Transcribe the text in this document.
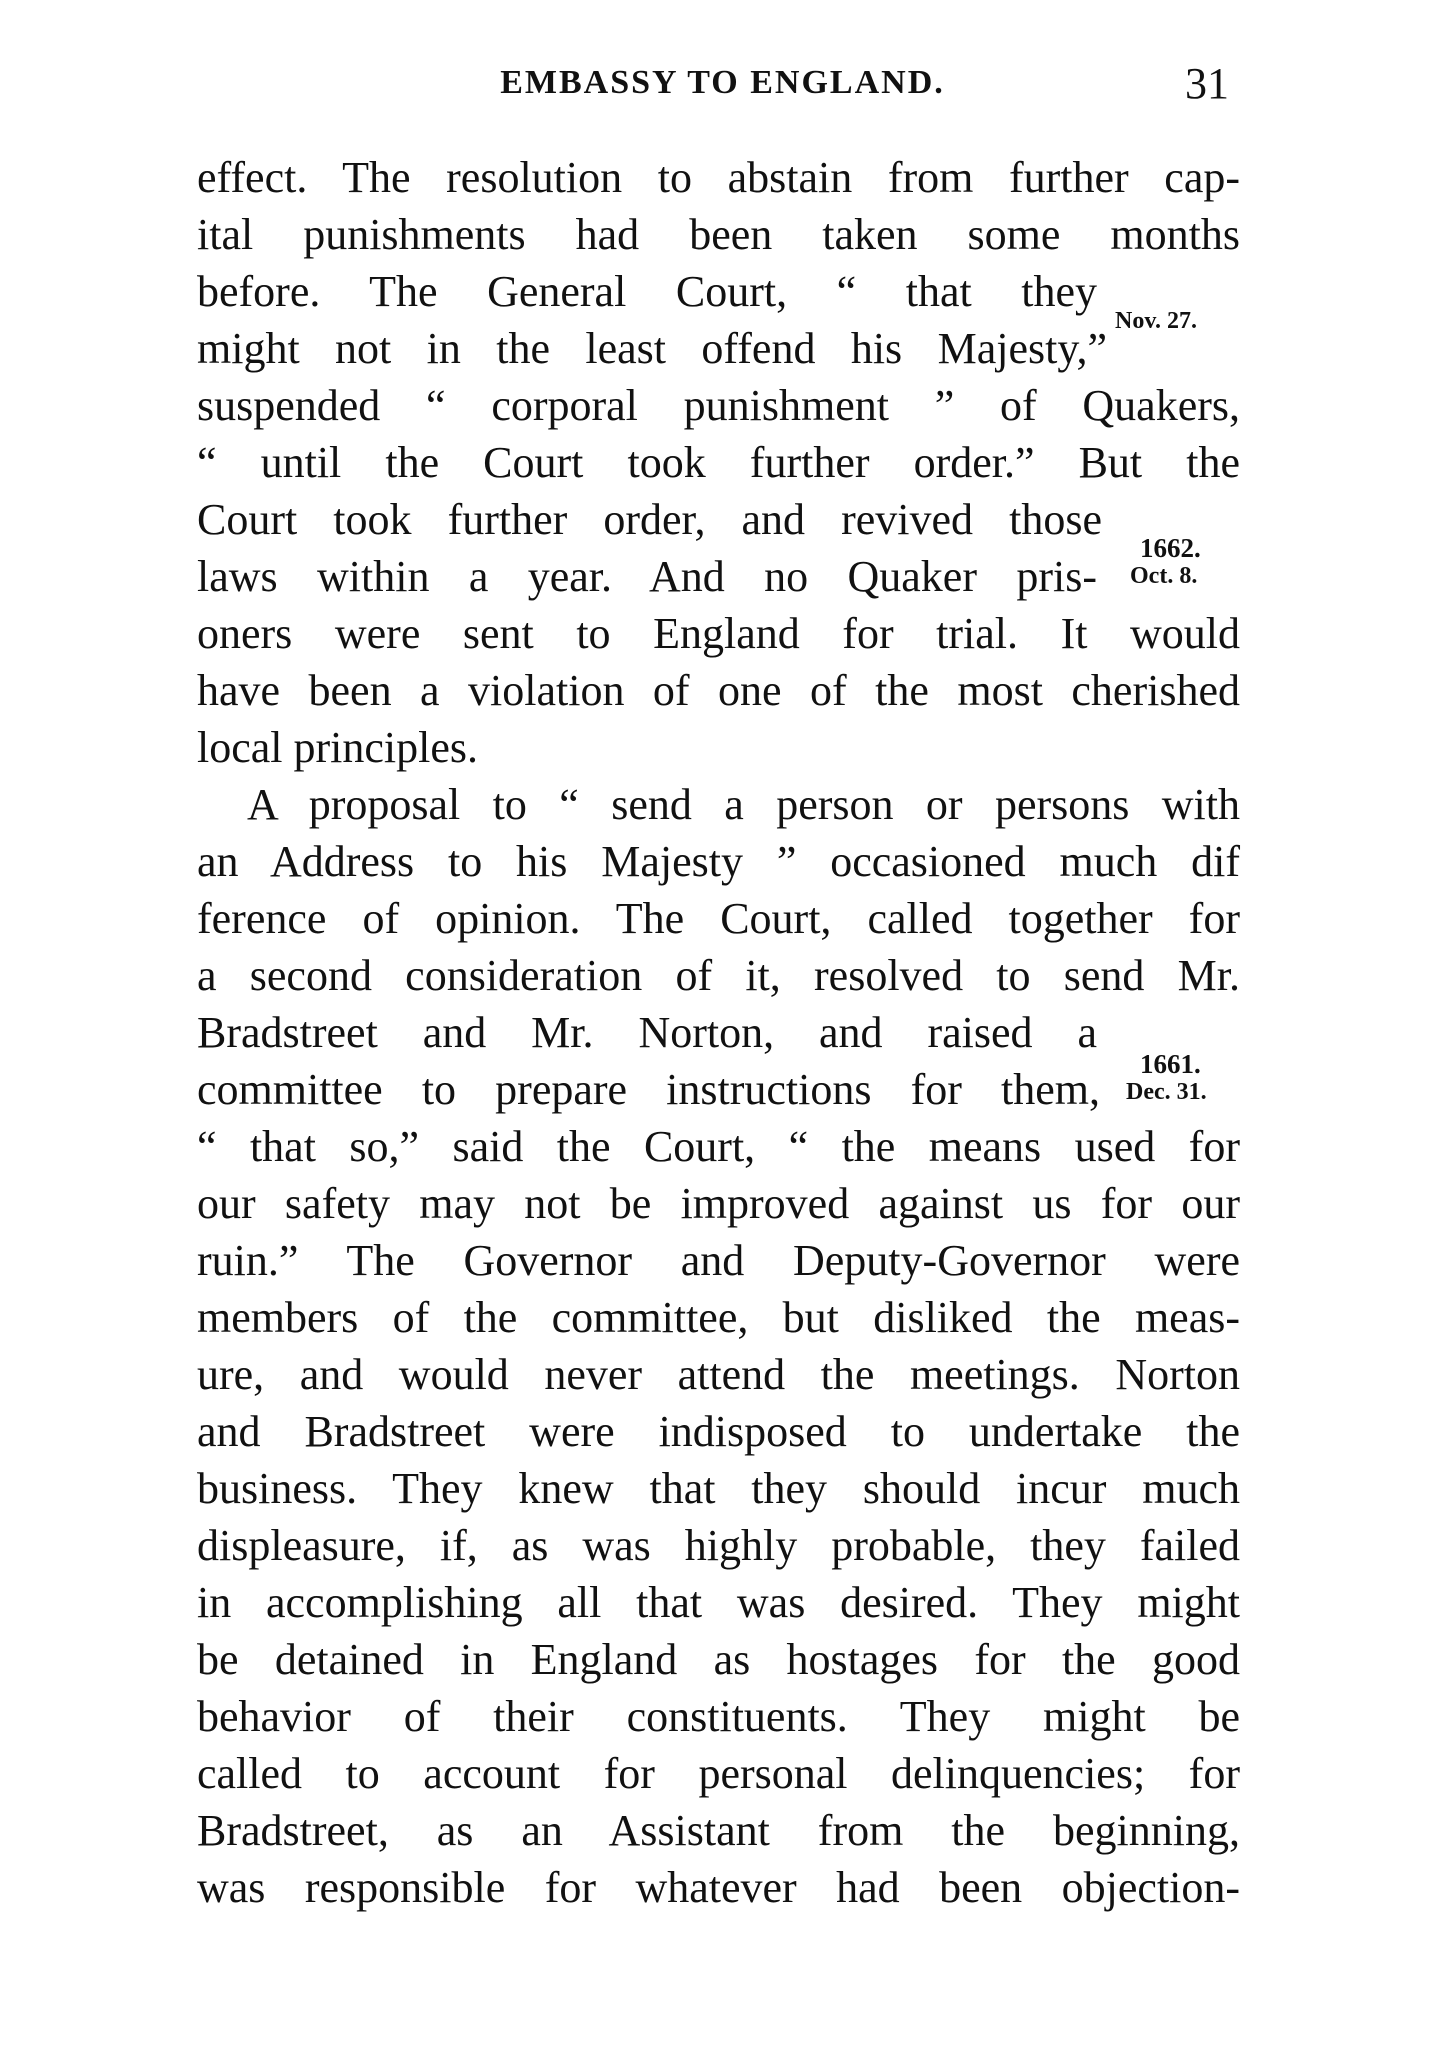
EMBASSY TO ENGLAND.	31
effect. The resolution to abstain from further cap-
ital punishments had been taken some months
before. The General Court, “ that they
might not in the least offend his Majesty,”
suspended “ corporal punishment ” of Quakers,
“ until the Court took further order.” But the
Court took further order, and revived those
laws within a year. And no Quaker pris-
oners were sent to England for trial. It would
have been a violation of one of the most cherished
local principles.
A proposal to “ send a person or persons with
an Address to his Majesty ” occasioned much dif
ference of opinion. The Court, called together for
a second consideration of it, resolved to send Mr.
Bradstreet and Mr. Norton, and raised a
committee to prepare instructions for them,
“ that so,” said the Court, “ the means used for
our safety may not be improved against us for our
ruin.” The Governor and Deputy-Governor were
members of the committee, but disliked the meas-
ure, and would never attend the meetings. Norton
and Bradstreet were indisposed to undertake the
business. They knew that they should incur much
displeasure, if, as was highly probable, they failed
in accomplishing all that was desired. They might
be detained in England as hostages for the good
behavior of their constituents. They might be
called to account for personal delinquencies; for
Bradstreet, as an Assistant from the beginning,
was responsible for whatever had been objection-
Nov. 27.
1662.
Oct. 8.
1661.
Dec. 31.
